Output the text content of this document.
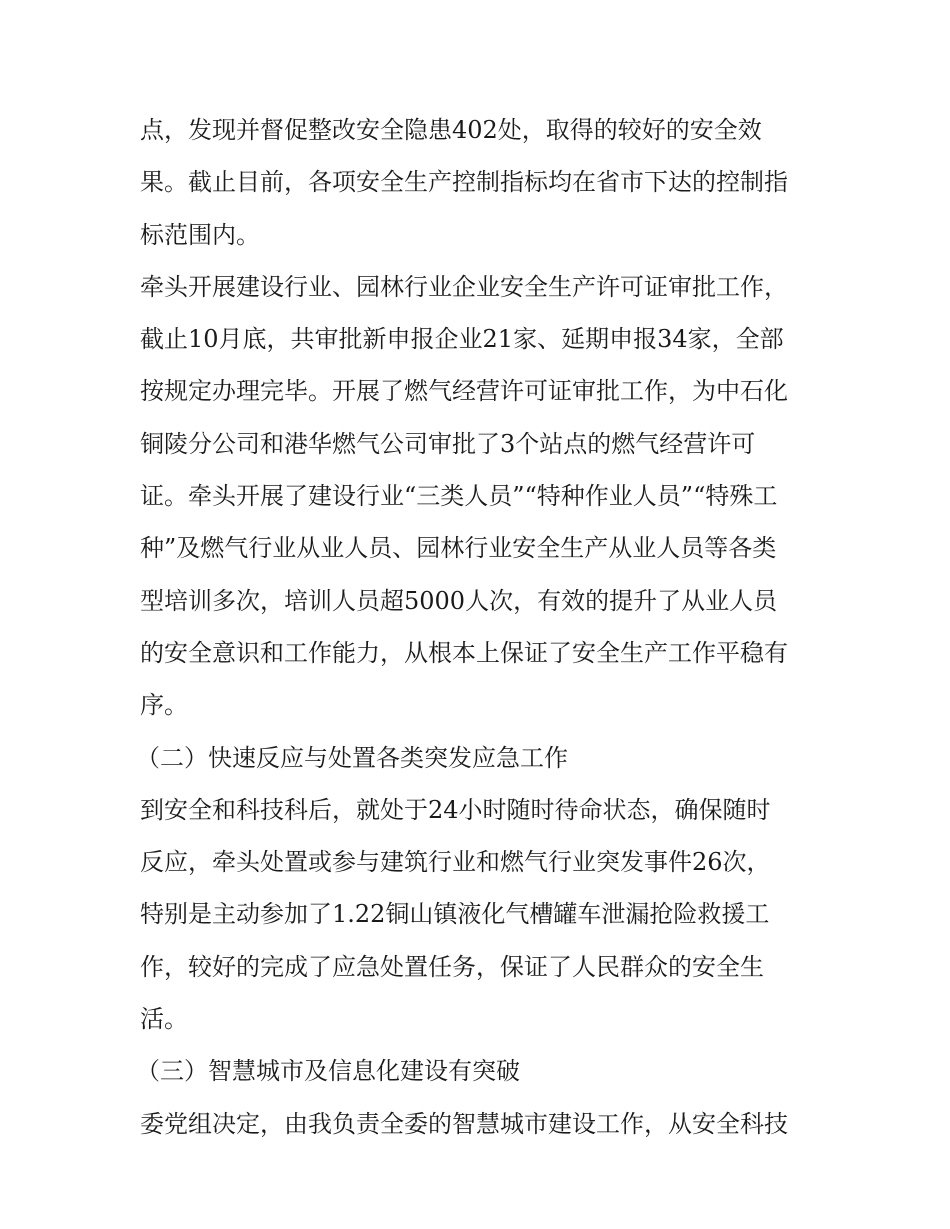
点，发现并督促整改安全隐患402处，取得的较好的安全效
果。截止目前，各项安全生产控制指标均在省市下达的控制指
标范围内。
牵头开展建设行业、园林行业企业安全生产许可证审批工作，
截止10月底，共审批新申报企业21家、延期申报34家，全部
按规定办理完毕。开展了燃气经营许可证审批工作，为中石化
铜陵分公司和港华燃气公司审批了3个站点的燃气经营许可
证。牵头开展了建设行业“三类人员”“特种作业人员”“特殊工
种”及燃气行业从业人员、园林行业安全生产从业人员等各类
型培训多次，培训人员超5000人次，有效的提升了从业人员
的安全意识和工作能力，从根本上保证了安全生产工作平稳有
序。
（二）快速反应与处置各类突发应急工作
到安全和科技科后，就处于24小时随时待命状态，确保随时
反应，牵头处置或参与建筑行业和燃气行业突发事件26次，
特别是主动参加了1.22铜山镇液化气槽罐车泄漏抢险救援工
作，较好的完成了应急处置任务，保证了人民群众的安全生
活。
（三）智慧城市及信息化建设有突破
委党组决定，由我负责全委的智慧城市建设工作，从安全科技
